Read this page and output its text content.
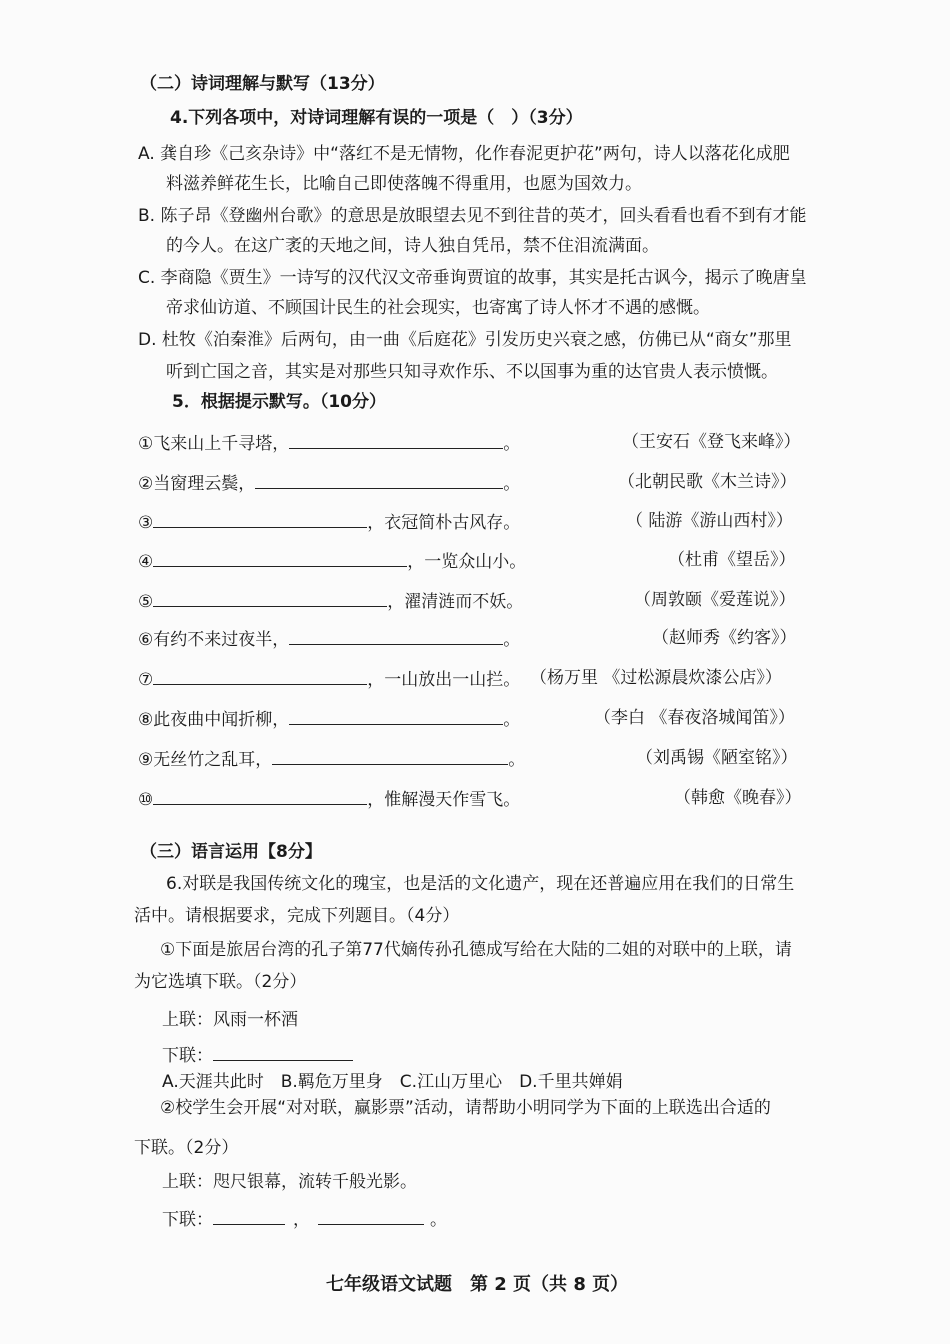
（二）诗词理解与默写（13分）
4.下列各项中，对诗词理解有误的一项是（　）（3分）
A. 龚自珍《己亥杂诗》中“落红不是无情物，化作春泥更护花”两句，诗人以落花化成肥
料滋养鲜花生长，比喻自己即使落魄不得重用，也愿为国效力。
B. 陈子昂《登幽州台歌》的意思是放眼望去见不到往昔的英才，回头看看也看不到有才能
的今人。在这广袤的天地之间，诗人独自凭吊，禁不住泪流满面。
C. 李商隐《贾生》一诗写的汉代汉文帝垂询贾谊的故事，其实是托古讽今，揭示了晚唐皇
帝求仙访道、不顾国计民生的社会现实，也寄寓了诗人怀才不遇的感慨。
D. 杜牧《泊秦淮》后两句，由一曲《后庭花》引发历史兴衰之感，仿佛已从“商女”那里
听到亡国之音，其实是对那些只知寻欢作乐、不以国事为重的达官贵人表示愤慨。
5．根据提示默写。（10分）
①飞来山上千寻塔，	。	（王安石《登飞来峰》）
②当窗理云鬓，	。	（北朝民歌《木兰诗》）
③	，衣冠简朴古风存。	（ 陆游《游山西村》）
④	，一览众山小。	（杜甫《望岳》）
⑤	，濯清涟而不妖。	（周敦颐《爱莲说》）
⑥有约不来过夜半，	。	（赵师秀《约客》）
⑦	，一山放出一山拦。 （杨万里 《过松源晨炊漆公店》）
⑧此夜曲中闻折柳，	。	（李白 《春夜洛城闻笛》）
⑨无丝竹之乱耳，	。	（刘禹锡《陋室铭》）
⑩	，惟解漫天作雪飞。	（韩愈《晚春》）
（三）语言运用【8分】
6.对联是我国传统文化的瑰宝，也是活的文化遗产，现在还普遍应用在我们的日常生
活中。请根据要求，完成下列题目。（4分）
①下面是旅居台湾的孔子第77代嫡传孙孔德成写给在大陆的二姐的对联中的上联，请
为它选填下联。（2分）
上联：风雨一杯酒
下联：
A.天涯共此时　B.羁危万里身　C.江山万里心　D.千里共婵娟
②校学生会开展“对对联，赢影票”活动，请帮助小明同学为下面的上联选出合适的
下联。（2分）
上联：咫尺银幕，流转千般光影。
下联：	，	。
七年级语文试题　第 2 页（共 8 页）
